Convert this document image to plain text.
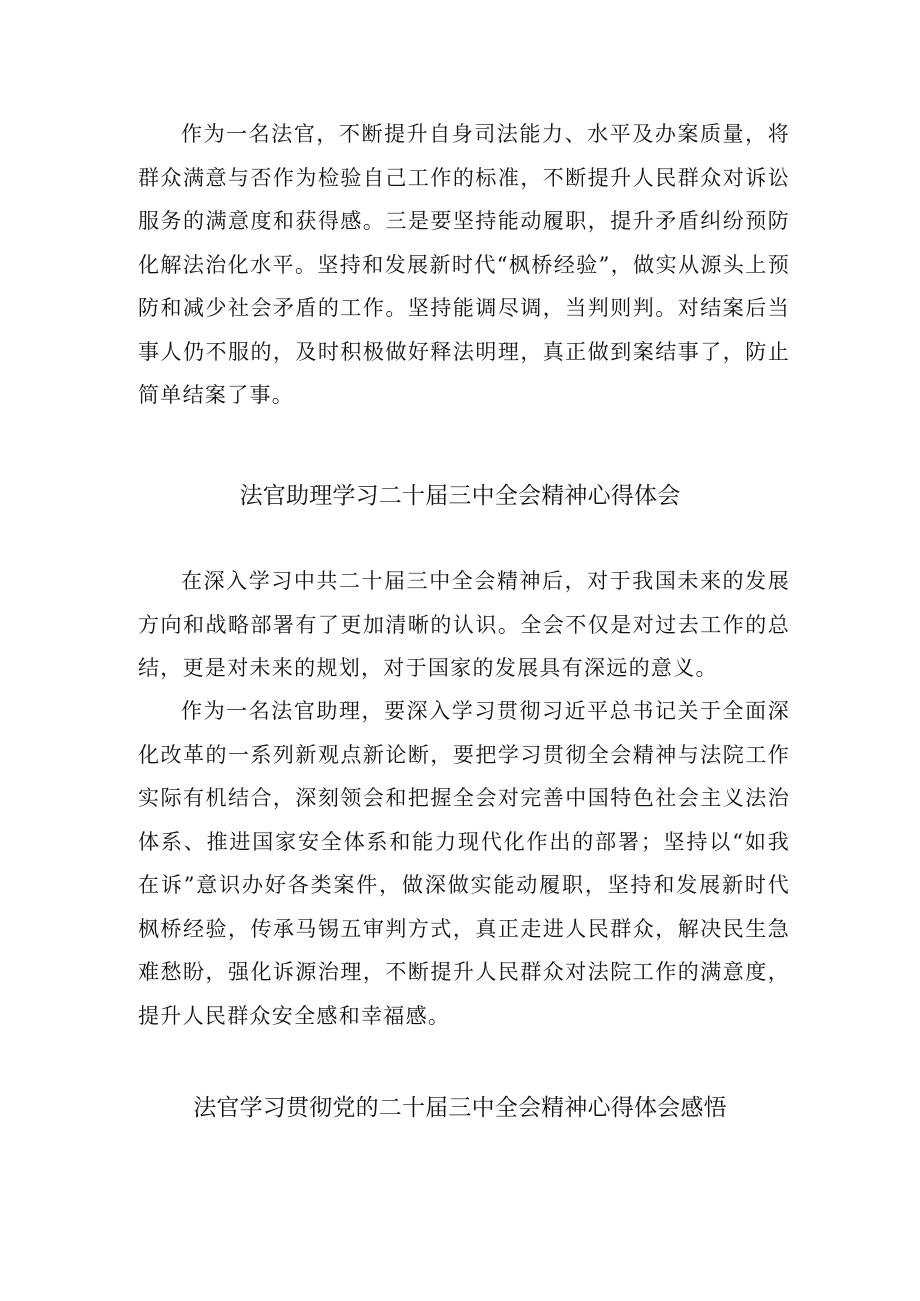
作为一名法官，不断提升自身司法能力、水平及办案质量，将群众满意与否作为检验自己工作的标准，不断提升人民群众对诉讼服务的满意度和获得感。三是要坚持能动履职，提升矛盾纠纷预防化解法治化水平。坚持和发展新时代“枫桥经验”，做实从源头上预防和减少社会矛盾的工作。坚持能调尽调，当判则判。对结案后当事人仍不服的，及时积极做好释法明理，真正做到案结事了，防止简单结案了事。

法官助理学习二十届三中全会精神心得体会

在深入学习中共二十届三中全会精神后，对于我国未来的发展方向和战略部署有了更加清晰的认识。全会不仅是对过去工作的总结，更是对未来的规划，对于国家的发展具有深远的意义。

作为一名法官助理，要深入学习贯彻习近平总书记关于全面深化改革的一系列新观点新论断，要把学习贯彻全会精神与法院工作实际有机结合，深刻领会和把握全会对完善中国特色社会主义法治体系、推进国家安全体系和能力现代化作出的部署；坚持以“如我在诉”意识办好各类案件，做深做实能动履职，坚持和发展新时代枫桥经验，传承马锡五审判方式，真正走进人民群众，解决民生急难愁盼，强化诉源治理，不断提升人民群众对法院工作的满意度，提升人民群众安全感和幸福感。

法官学习贯彻党的二十届三中全会精神心得体会感悟
